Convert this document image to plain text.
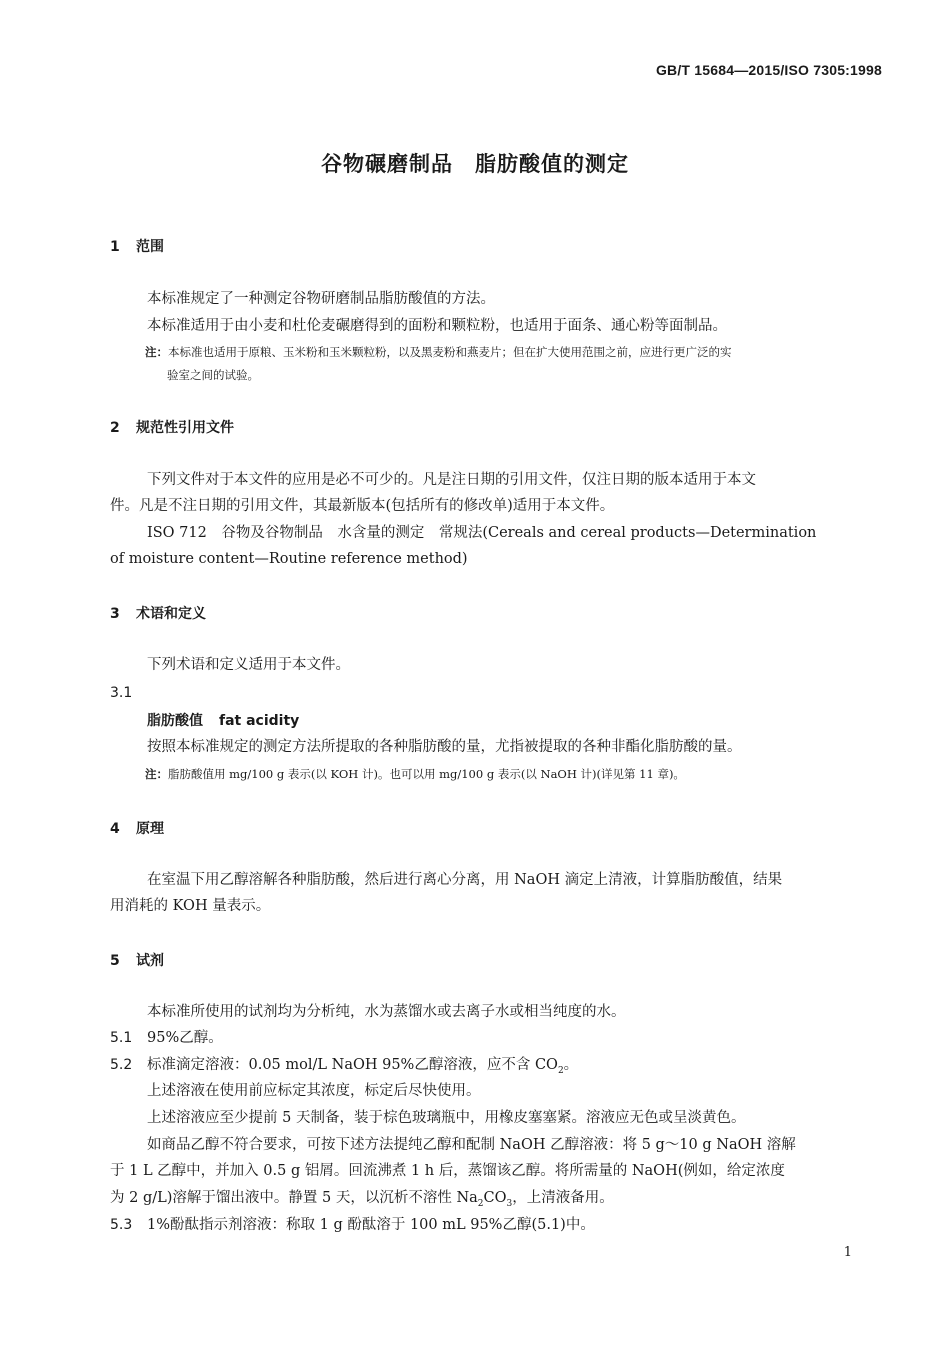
GB/T 15684—2015/ISO 7305:1998
谷物碾磨制品　脂肪酸值的测定
1 范围
本标准规定了一种测定谷物研磨制品脂肪酸值的方法。
本标准适用于由小麦和杜伦麦碾磨得到的面粉和颗粒粉，也适用于面条、通心粉等面制品。
注：本标准也适用于原粮、玉米粉和玉米颗粒粉，以及黑麦粉和燕麦片；但在扩大使用范围之前，应进行更广泛的实
验室之间的试验。
2 规范性引用文件
下列文件对于本文件的应用是必不可少的。凡是注日期的引用文件，仅注日期的版本适用于本文
件。凡是不注日期的引用文件，其最新版本(包括所有的修改单)适用于本文件。
ISO 712　谷物及谷物制品　水含量的测定　常规法(Cereals and cereal products—Determination
of moisture content—Routine reference method)
3 术语和定义
下列术语和定义适用于本文件。
3.1
脂肪酸值 fat acidity
按照本标准规定的测定方法所提取的各种脂肪酸的量，尤指被提取的各种非酯化脂肪酸的量。
注：脂肪酸值用 mg/100 g 表示(以 KOH 计)。也可以用 mg/100 g 表示(以 NaOH 计)(详见第 11 章)。
4 原理
在室温下用乙醇溶解各种脂肪酸，然后进行离心分离，用 NaOH 滴定上清液，计算脂肪酸值，结果
用消耗的 KOH 量表示。
5 试剂
本标准所使用的试剂均为分析纯，水为蒸馏水或去离子水或相当纯度的水。
5.1 95%乙醇。
5.2 标准滴定溶液：0.05 mol/L NaOH 95%乙醇溶液，应不含 $CO_2$。
上述溶液在使用前应标定其浓度，标定后尽快使用。
上述溶液应至少提前 5 天制备，装于棕色玻璃瓶中，用橡皮塞塞紧。溶液应无色或呈淡黄色。
如商品乙醇不符合要求，可按下述方法提纯乙醇和配制 NaOH 乙醇溶液：将 5 g～10 g NaOH 溶解
于 1 L 乙醇中，并加入 0.5 g 铝屑。回流沸煮 1 h 后，蒸馏该乙醇。将所需量的 NaOH(例如，给定浓度
为 2 g/L)溶解于馏出液中。静置 5 天，以沉析不溶性 $Na_2CO_3$，上清液备用。
5.3 1%酚酞指示剂溶液：称取 1 g 酚酞溶于 100 mL 95%乙醇(5.1)中。
1
